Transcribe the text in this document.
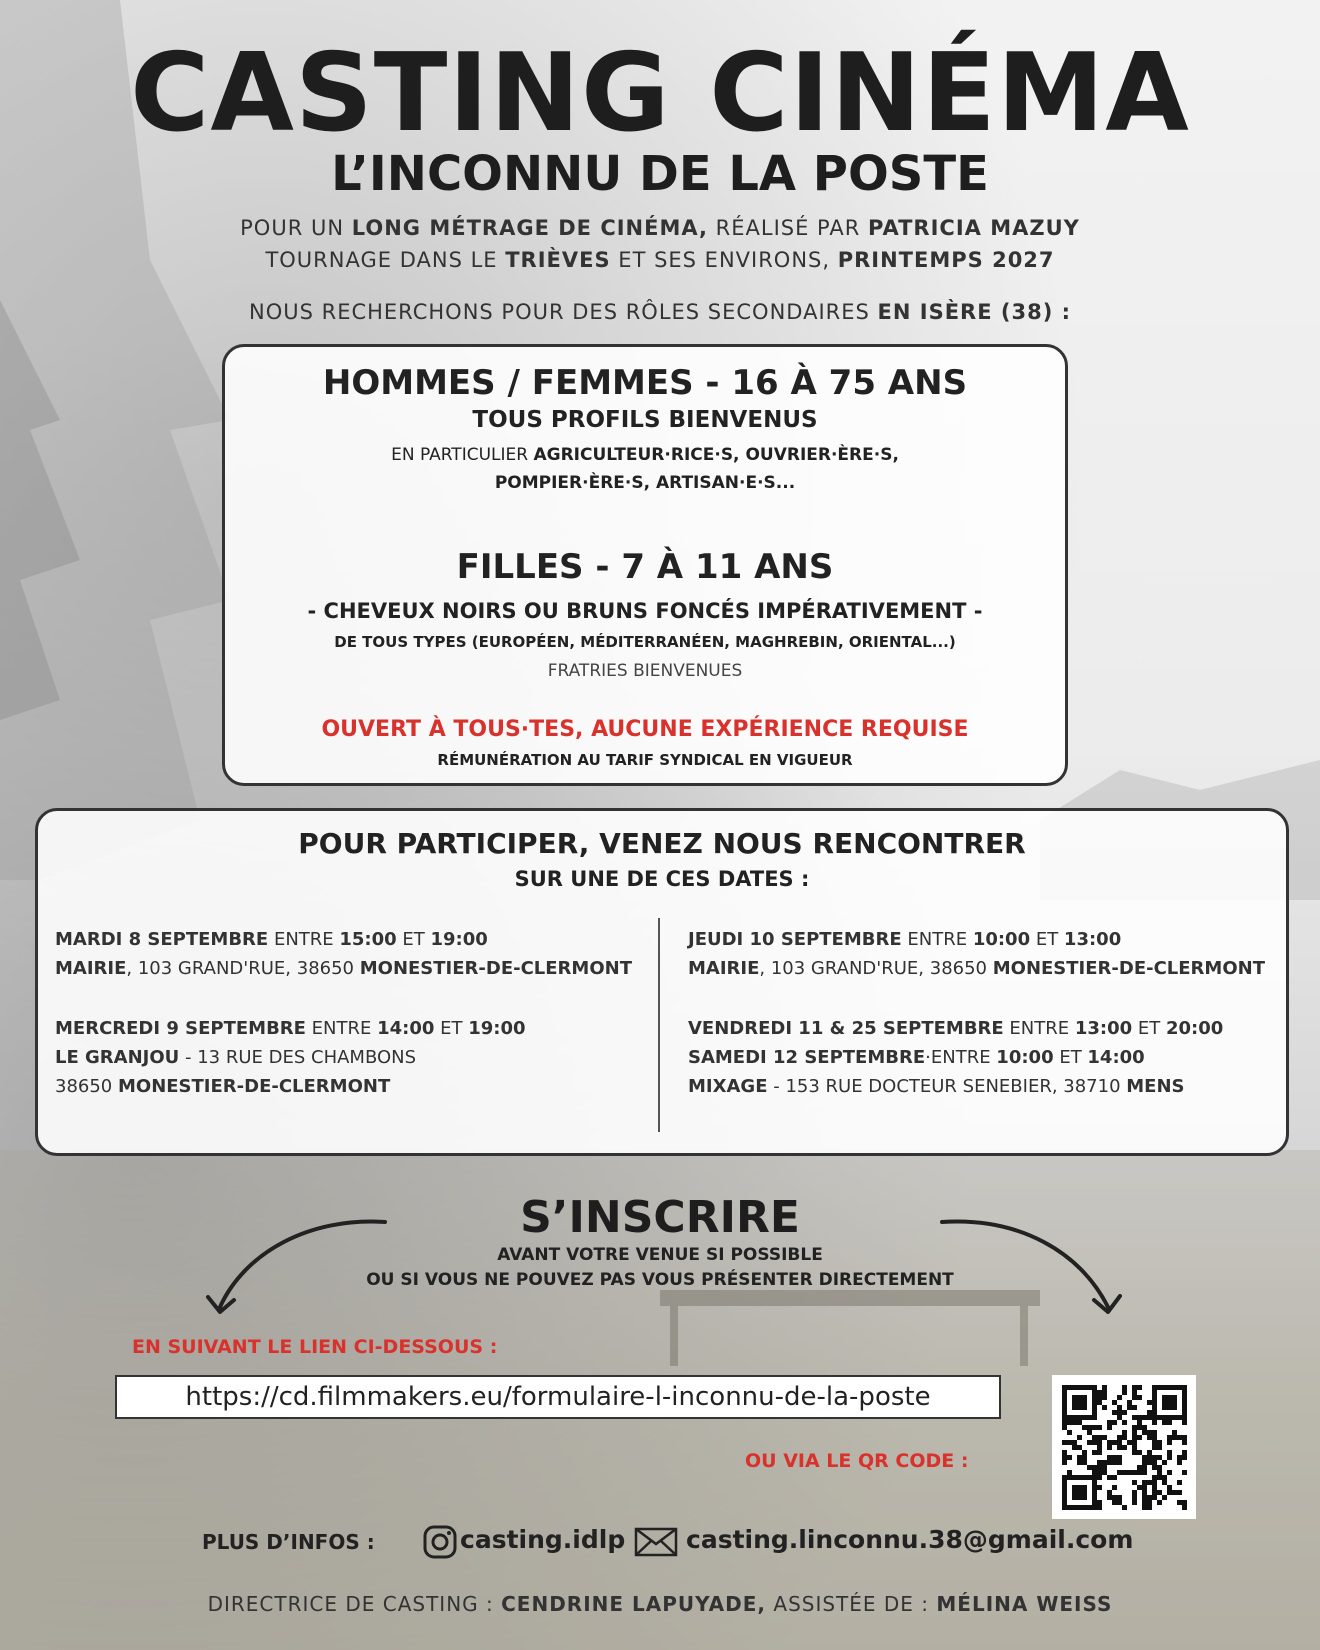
CASTING CINÉMA
L’INCONNU DE LA POSTE
POUR UN LONG MÉTRAGE DE CINÉMA, RÉALISÉ PAR PATRICIA MAZUY
TOURNAGE DANS LE TRIÈVES ET SES ENVIRONS, PRINTEMPS 2027
NOUS RECHERCHONS POUR DES RÔLES SECONDAIRES EN ISÈRE (38) :
HOMMES / FEMMES - 16 À 75 ANS
TOUS PROFILS BIENVENUS
EN PARTICULIER AGRICULTEUR·RICE·S, OUVRIER·ÈRE·S,
POMPIER·ÈRE·S, ARTISAN·E·S...
FILLES - 7 À 11 ANS
- CHEVEUX NOIRS OU BRUNS FONCÉS IMPÉRATIVEMENT -
DE TOUS TYPES (EUROPÉEN, MÉDITERRANÉEN, MAGHREBIN, ORIENTAL...)
FRATRIES BIENVENUES
OUVERT À TOUS·TES, AUCUNE EXPÉRIENCE REQUISE
RÉMUNÉRATION AU TARIF SYNDICAL EN VIGUEUR
POUR PARTICIPER, VENEZ NOUS RENCONTRER
SUR UNE DE CES DATES :
MARDI 8 SEPTEMBRE ENTRE 15:00 ET 19:00
MAIRIE, 103 GRAND'RUE, 38650 MONESTIER-DE-CLERMONT
MERCREDI 9 SEPTEMBRE ENTRE 14:00 ET 19:00
LE GRANJOU - 13 RUE DES CHAMBONS
38650 MONESTIER-DE-CLERMONT
JEUDI 10 SEPTEMBRE ENTRE 10:00 ET 13:00
MAIRIE, 103 GRAND'RUE, 38650 MONESTIER-DE-CLERMONT
VENDREDI 11 & 25 SEPTEMBRE ENTRE 13:00 ET 20:00
SAMEDI 12 SEPTEMBRE·ENTRE 10:00 ET 14:00
MIXAGE - 153 RUE DOCTEUR SENEBIER, 38710 MENS
S’INSCRIRE
AVANT VOTRE VENUE SI POSSIBLE
OU SI VOUS NE POUVEZ PAS VOUS PRÉSENTER DIRECTEMENT
EN SUIVANT LE LIEN CI-DESSOUS :
https://cd.filmmakers.eu/formulaire-l-inconnu-de-la-poste
OU VIA LE QR CODE :
PLUS D’INFOS :	casting.idlp casting.linconnu.38@gmail.com
DIRECTRICE DE CASTING : CENDRINE LAPUYADE, ASSISTÉE DE : MÉLINA WEISS
